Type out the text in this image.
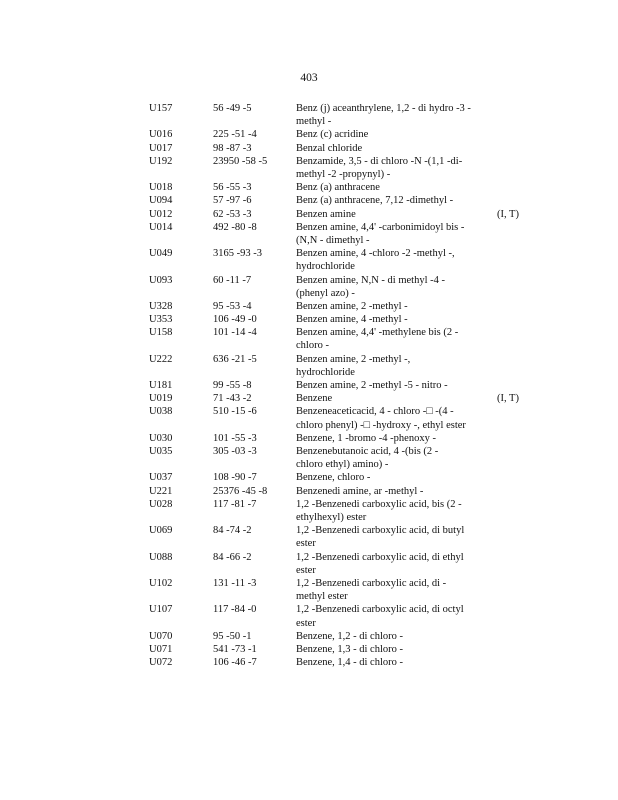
403
U157	56 -49 -5	Benz (j) aceanthrylene, 1,2 - di hydro -3 -
methyl -
U016	225 -51 -4	Benz (c) acridine
U017	98 -87 -3	Benzal chloride
U192	23950 -58 -5	Benzamide, 3,5 - di chloro -N -(1,1 -di-
methyl -2 -propynyl) -
U018	56 -55 -3	Benz (a) anthracene
U094	57 -97 -6	Benz (a) anthracene, 7,12 -dimethyl -
U012	62 -53 -3	Benzen amine	(I, T)
U014	492 -80 -8	Benzen amine, 4,4' -carbonimidoyl bis -
(N,N - dimethyl -
U049	3165 -93 -3	Benzen amine, 4 -chloro -2 -methyl -,
hydrochloride
U093	60 -11 -7	Benzen amine, N,N - di methyl -4 -
(phenyl azo) -
U328	95 -53 -4	Benzen amine, 2 -methyl -
U353	106 -49 -0	Benzen amine, 4 -methyl -
U158	101 -14 -4	Benzen amine, 4,4' -methylene bis (2 -
chloro -
U222	636 -21 -5	Benzen amine, 2 -methyl -,
hydrochloride
U181	99 -55 -8	Benzen amine, 2 -methyl -5 - nitro -
U019	71 -43 -2	Benzene	(I, T)
U038	510 -15 -6	Benzeneaceticacid, 4 - chloro -□ -(4 -
chloro phenyl) -□ -hydroxy -, ethyl ester
U030	101 -55 -3	Benzene, 1 -bromo -4 -phenoxy -
U035	305 -03 -3	Benzenebutanoic acid, 4 -(bis (2 -
chloro ethyl) amino) -
U037	108 -90 -7	Benzene, chloro -
U221	25376 -45 -8	Benzenedi amine, ar -methyl -
U028	117 -81 -7	1,2 -Benzenedi carboxylic acid, bis (2 -
ethylhexyl) ester
U069	84 -74 -2	1,2 -Benzenedi carboxylic acid, di butyl
ester
U088	84 -66 -2	1,2 -Benzenedi carboxylic acid, di ethyl
ester
U102	131 -11 -3	1,2 -Benzenedi carboxylic acid, di -
methyl ester
U107	117 -84 -0	1,2 -Benzenedi carboxylic acid, di octyl
ester
U070	95 -50 -1	Benzene, 1,2 - di chloro -
U071	541 -73 -1	Benzene, 1,3 - di chloro -
U072	106 -46 -7	Benzene, 1,4 - di chloro -
